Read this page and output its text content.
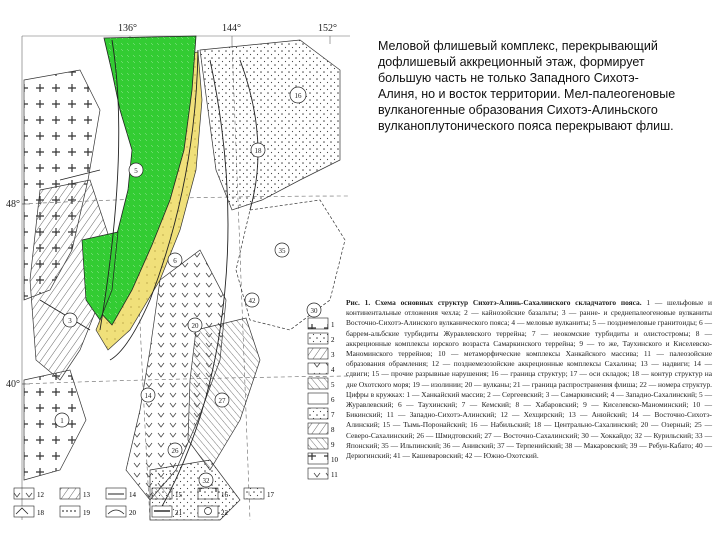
136°	144°	152°
48°
40°
16
18
35
42
27
26
14
1
3
5
6
20
30
32
1
2
3
4
5
6
7
8
9
10
11
12	13	14	15	16	17
18	19	20	21	22

Меловой флишевый комплекс, перекрывающий дофлишевый аккреционный этаж, формирует большую часть не только Западного Сихотэ-Алиня, но и восток территории. Мел-палеогеновые вулканогенные образования Сихотэ-Алиньского вулканоплутонического пояса перекрывают флиш.

Рис. 1. Схема основных структур Сихотэ-Алинь-Сахалинского складчатого пояса. 1 — шельфовые и континентальные отложения чехла; 2 — кайнозойские базальты; 3 — ранне- и среднепалеогеновые вулканиты Восточно-Сихотэ-Алинского вулканического пояса; 4 — меловые вулканиты; 5 — позднемеловые гранитоиды; 6 — баррем-альбские турбидиты Журавлевского террейна; 7 — неокомские турбидиты и олистостромы; 8 — аккреционные комплексы юрского возраста Самаркинского террейна; 9 — то же, Таухинского и Киселевско-Маноминского террейнов; 10 — метаморфические комплексы Ханкайского массива; 11 — палеозойские образования обрамления; 12 — позднемезозойские аккреционные комплексы Сахалина; 13 — надвиги; 14 — сдвиги; 15 — прочие разрывные нарушения; 16 — граница структур; 17 — оси складок; 18 — контур структур на дне Охотского моря; 19 — изолинии; 20 — вулканы; 21 — граница распространения флиша; 22 — номера структур.

Цифры в кружках: 1 — Ханкайский массив; 2 — Сергеевский; 3 — Самаркинский; 4 — Западно-Сахалинский; 5 — Журавлевский; 6 — Таухинский; 7 — Кемский; 8 — Хабаровский; 9 — Киселевско-Маноминский; 10 — Бикинский; 11 — Западно-Сихотэ-Алинский; 12 — Хехцирский; 13 — Анюйский; 14 — Восточно-Сихотэ-Алинский; 15 — Тымь-Поронайский; 16 — Набильский; 18 — Центрально-Сахалинский; 20 — Озерный; 25 — Северо-Сахалинский; 26 — Шмидтовский; 27 — Восточно-Сахалинский; 30 — Хоккайдо; 32 — Курильский; 33 — Японский; 35 — Ильпинский; 36 — Анивский; 37 — Терпенийский; 38 — Макаровский; 39 — Ребун-Кабато; 40 — Дерюгинский; 41 — Кашеваровский; 42 — Южно-Охотский.
